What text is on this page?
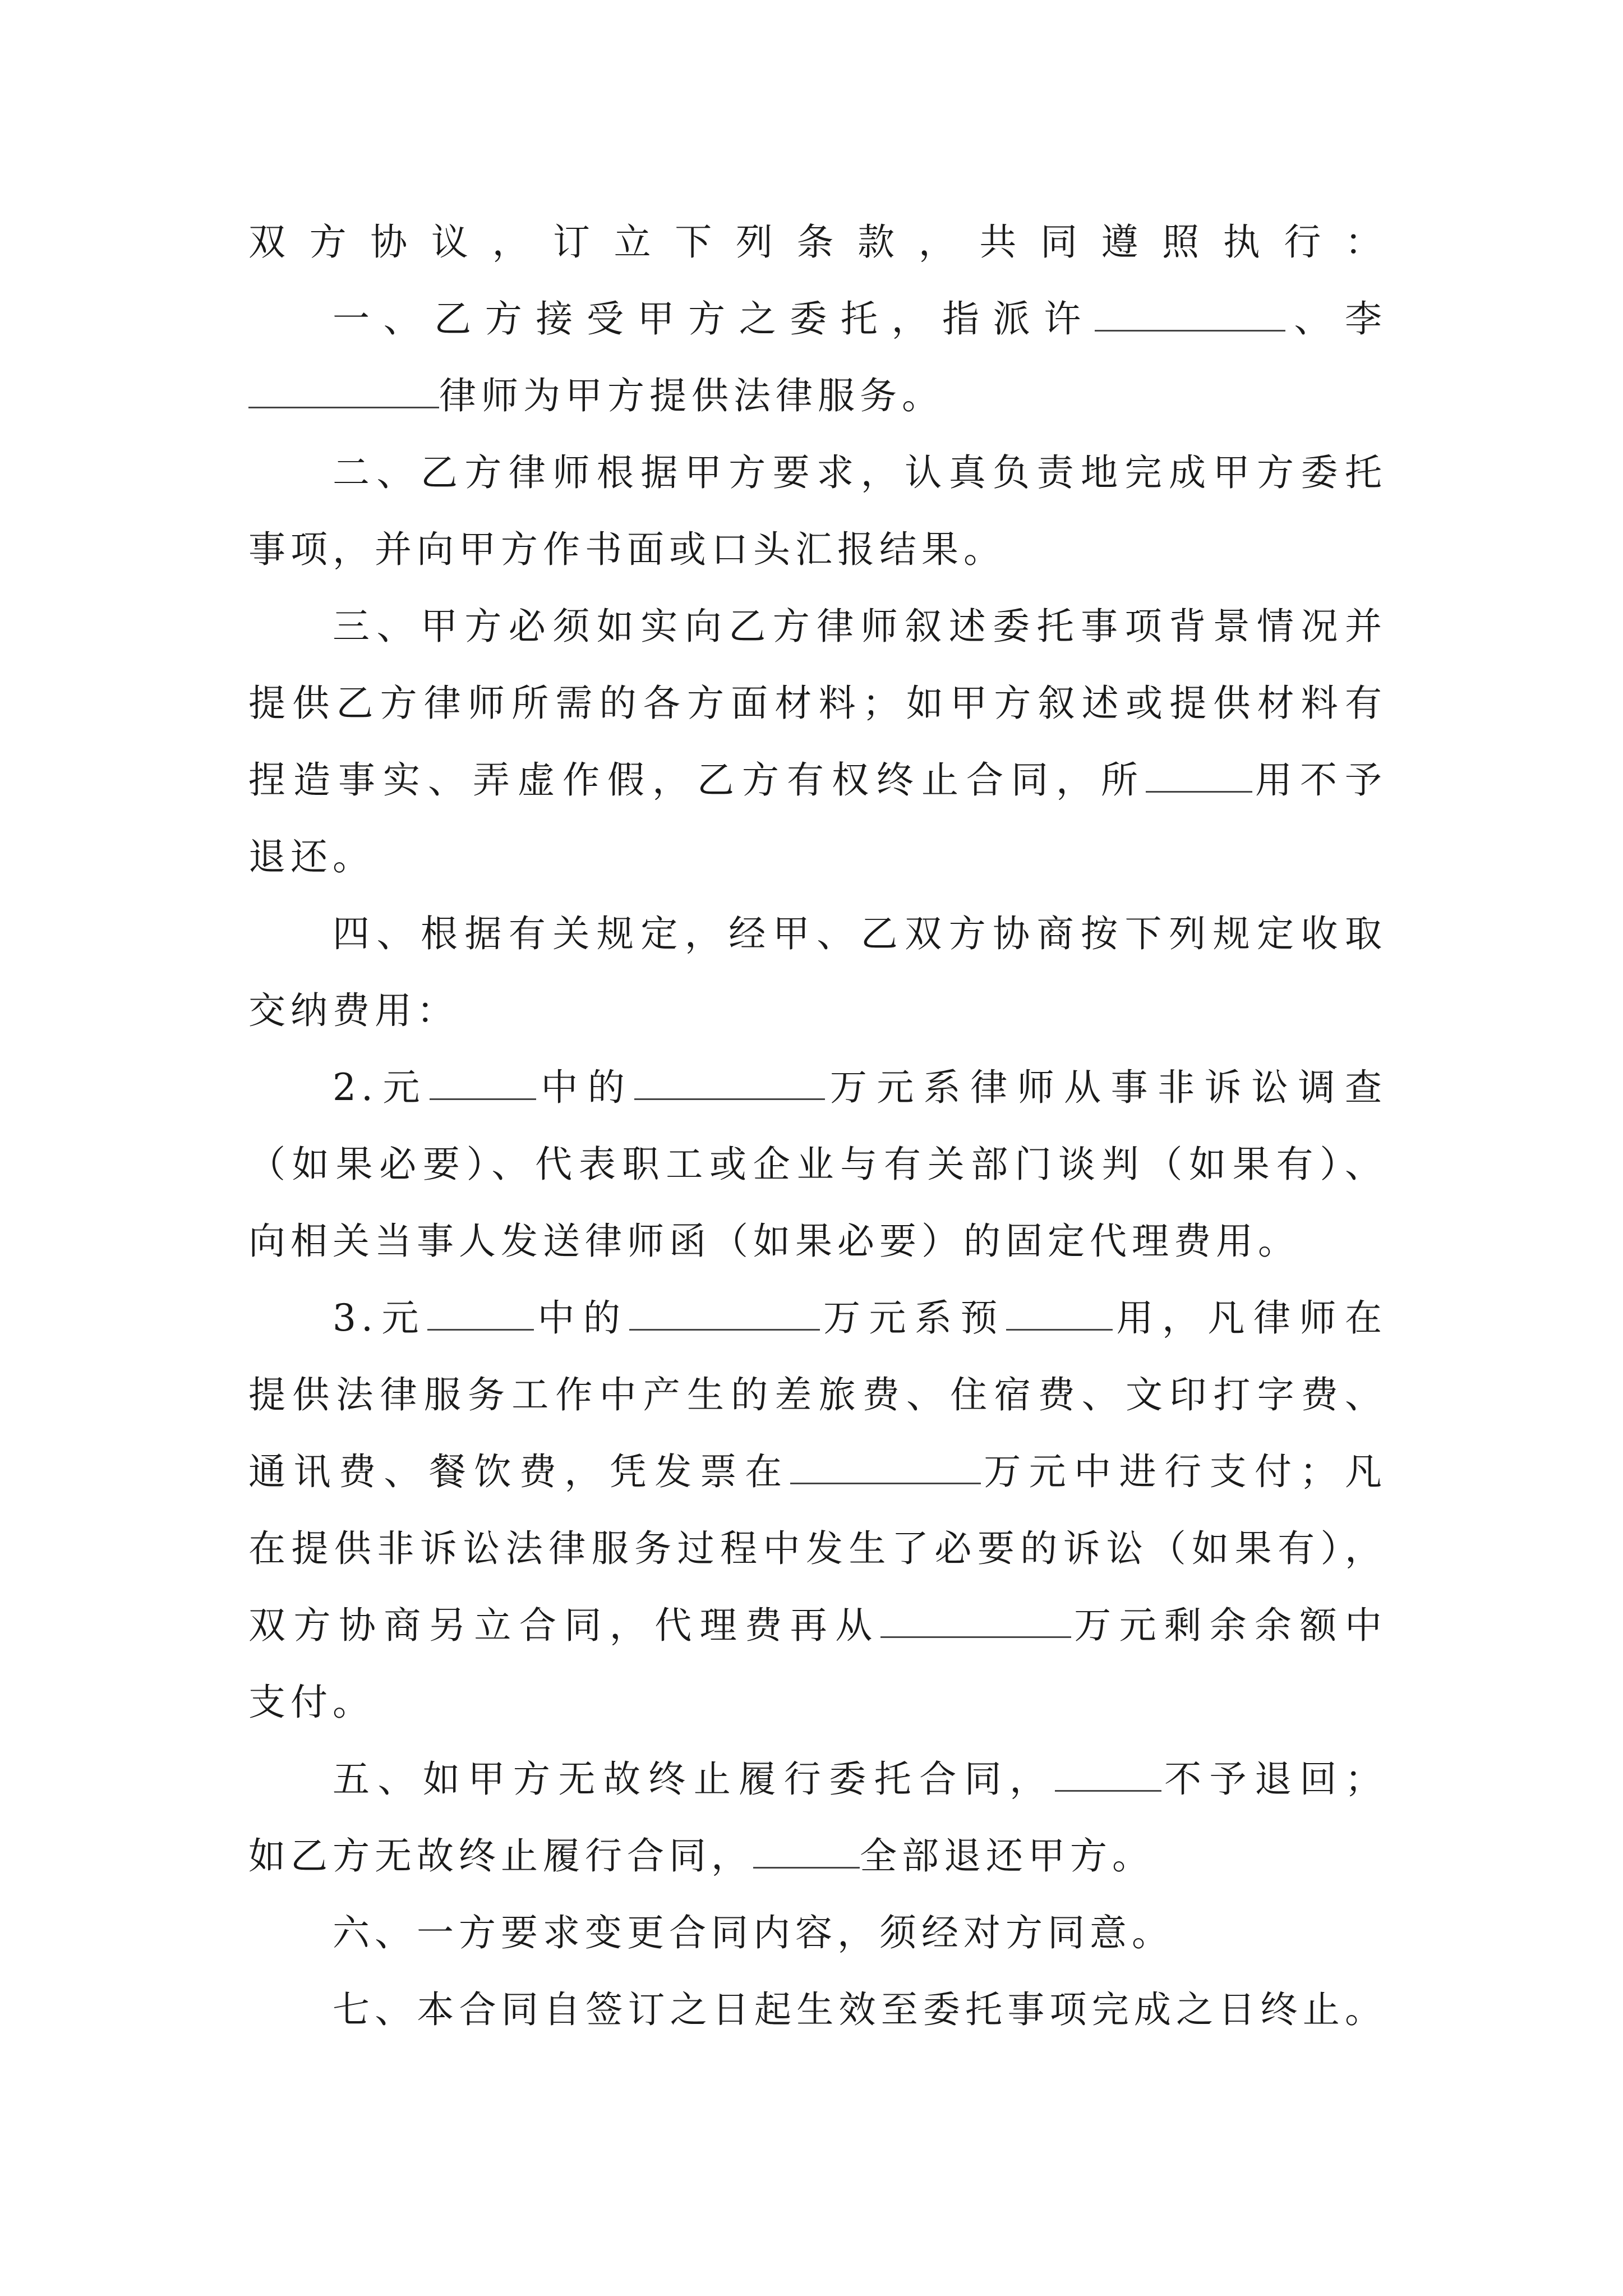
双方协议，订立下列条款，共同遵照执行：
一、乙方接受甲方之委托，指派许	、李
律师为甲方提供法律服务。
二、乙方律师根据甲方要求，认真负责地完成甲方委托
事项，并向甲方作书面或口头汇报结果。
三、甲方必须如实向乙方律师叙述委托事项背景情况并
提供乙方律师所需的各方面材料；如甲方叙述或提供材料有
捏造事实、弄虚作假，乙方有权终止合同，所	用不予
退还。
四、根据有关规定，经甲、乙双方协商按下列规定收取
交纳费用：
2.元	中的	万元系律师从事非诉讼调查
（如果必要）、代表职工或企业与有关部门谈判（如果有）、
向相关当事人发送律师函（如果必要）的固定代理费用。
3.元	中的	万元系预	用，凡律师在
提供法律服务工作中产生的差旅费、住宿费、文印打字费、
通讯费、餐饮费，凭发票在	万元中进行支付；凡
在提供非诉讼法律服务过程中发生了必要的诉讼（如果有），
双方协商另立合同，代理费再从	万元剩余余额中
支付。
五、如甲方无故终止履行委托合同，	不予退回；
如乙方无故终止履行合同，	全部退还甲方。
六、一方要求变更合同内容，须经对方同意。
七、本合同自签订之日起生效至委托事项完成之日终止。
